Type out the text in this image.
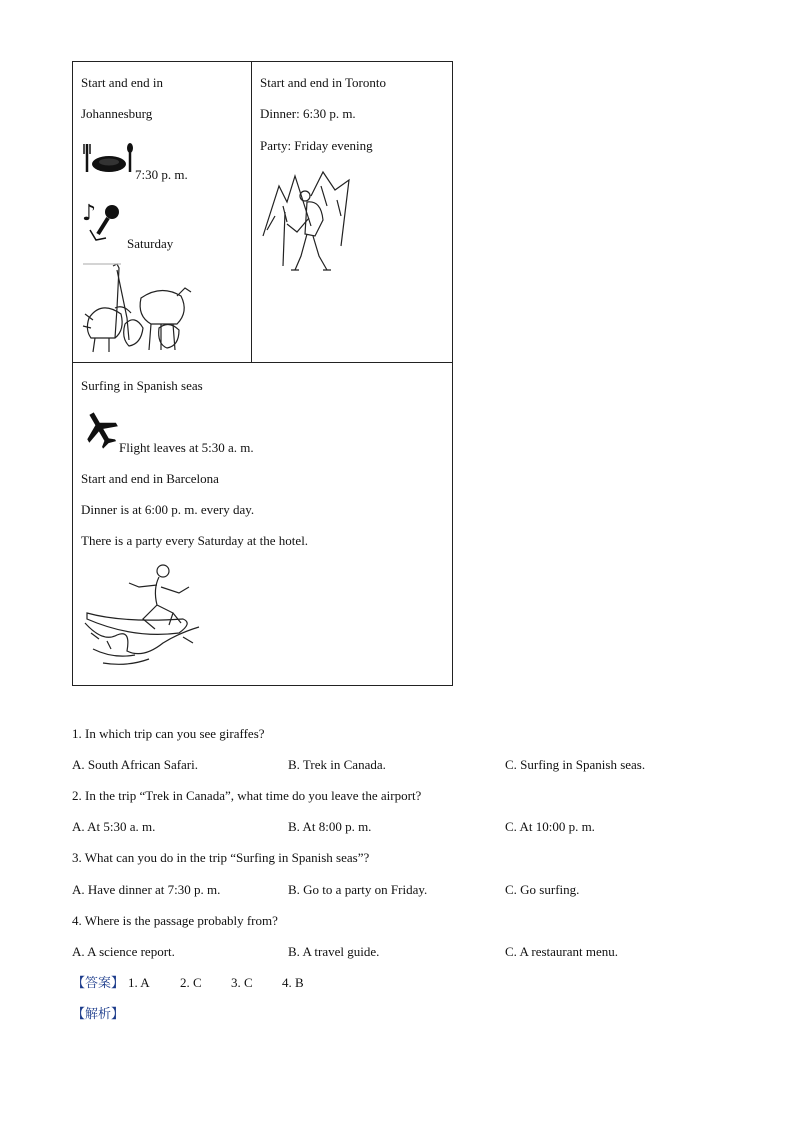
Start and end in
Johannesburg
7:30 p. m.
♪
Saturday
Start and end in Toronto
Dinner: 6:30 p. m.
Party: Friday evening
Surfing in Spanish seas
Flight leaves at 5:30 a. m.
Start and end in Barcelona
Dinner is at 6:00 p. m. every day.
There is a party every Saturday at the hotel.
1. In which trip can you see giraffes?
A. South African Safari.	B. Trek in Canada.	C. Surfing in Spanish seas.
2. In the trip “Trek in Canada”, what time do you leave the airport?
A. At 5:30 a. m.	B. At 8:00 p. m.	C. At 10:00 p. m.
3. What can you do in the trip “Surfing in Spanish seas”?
A. Have dinner at 7:30 p. m.	B. Go to a party on Friday.	C. Go surfing.
4. Where is the passage probably from?
A. A science report.	B. A travel guide.	C. A restaurant menu.
【答案】 1. A 2. C 3. C 4. B
【解析】
